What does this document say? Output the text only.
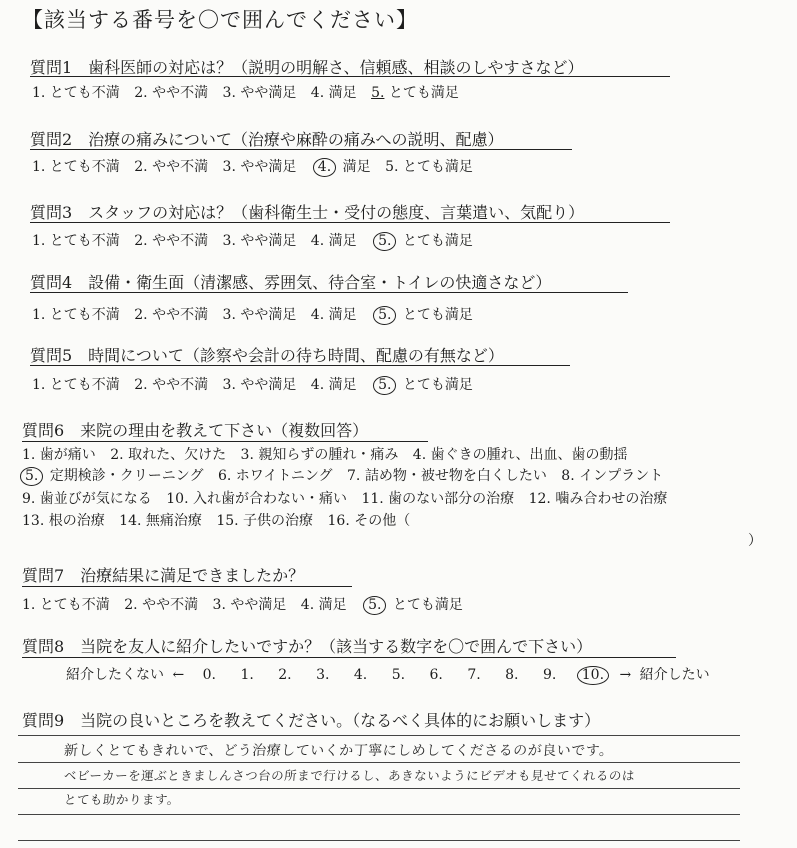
【該当する番号を〇で囲んでください】
質問1　歯科医師の対応は？（説明の明解さ、信頼感、相談のしやすさなど）
1. とても不満 2. やや不満 3. やや満足 4. 満足 5. とても満足
質問2　治療の痛みについて（治療や麻酔の痛みへの説明、配慮）
1. とても不満 2. やや不満 3. やや満足 4. 満足 5. とても満足
質問3　スタッフの対応は？（歯科衛生士・受付の態度、言葉遣い、気配り）
1. とても不満 2. やや不満 3. やや満足 4. 満足 5. とても満足
質問4　設備・衛生面（清潔感、雰囲気、待合室・トイレの快適さなど）
1. とても不満 2. やや不満 3. やや満足 4. 満足 5. とても満足
質問5　時間について（診察や会計の待ち時間、配慮の有無など）
1. とても不満 2. やや不満 3. やや満足 4. 満足 5. とても満足
質問6　来院の理由を教えて下さい（複数回答）
1. 歯が痛い 2. 取れた、欠けた 3. 親知らずの腫れ・痛み 4. 歯ぐきの腫れ、出血、歯の動揺
5. 定期検診・クリーニング 6. ホワイトニング 7. 詰め物・被せ物を白くしたい 8. インプラント
9. 歯並びが気になる 10. 入れ歯が合わない・痛い 11. 歯のない部分の治療 12. 噛み合わせの治療
13. 根の治療 14. 無痛治療 15. 子供の治療 16. その他（
）
質問7　治療結果に満足できましたか？
1. とても不満 2. やや不満 3. やや満足 4. 満足 5. とても満足
質問8　当院を友人に紹介したいですか？（該当する数字を〇で囲んで下さい）
紹介したくない ← 0. 1. 2. 3. 4. 5. 6. 7. 8. 9. 10. → 紹介したい
質問9　当院の良いところを教えてください。（なるべく具体的にお願いします）
新しくとてもきれいで、どう治療していくか丁寧にしめしてくださるのが良いです。
ベビーカーを運ぶときましんさつ台の所まで行けるし、あきないようにビデオも見せてくれるのは
とても助かります。
